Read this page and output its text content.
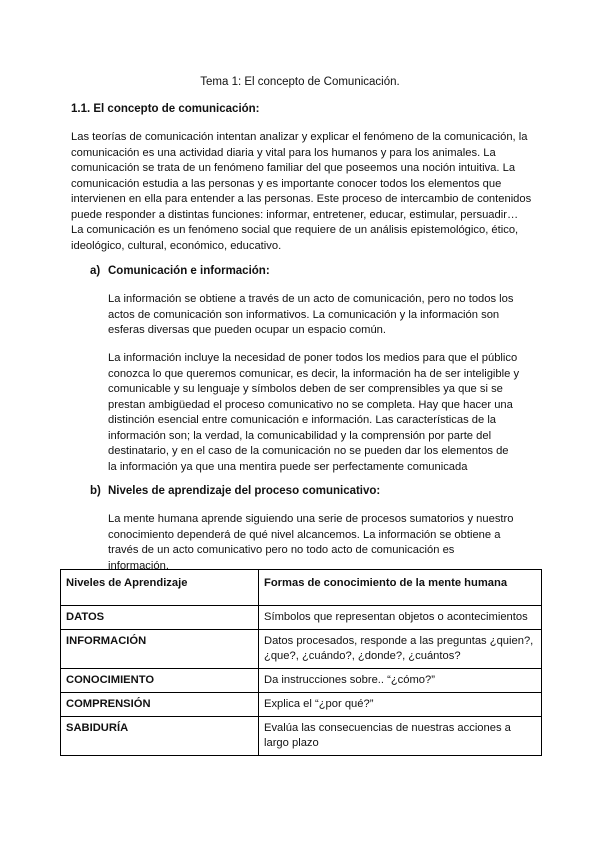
Tema 1: El concepto de Comunicación.
1.1. El concepto de comunicación:

Las teorías de comunicación intentan analizar y explicar el fenómeno de la comunicación, la comunicación es una actividad diaria y vital para los humanos y para los animales. La comunicación se trata de un fenómeno familiar del que poseemos una noción intuitiva. La comunicación estudia a las personas y es importante conocer todos los elementos que intervienen en ella para entender a las personas. Este proceso de intercambio de contenidos puede responder a distintas funciones: informar, entretener, educar, estimular, persuadir… La comunicación es un fenómeno social que requiere de un análisis epistemológico, ético, ideológico, cultural, económico, educativo.

a) Comunicación e información:

La información se obtiene a través de un acto de comunicación, pero no todos los actos de comunicación son informativos. La comunicación y la información son esferas diversas que pueden ocupar un espacio común.

La información incluye la necesidad de poner todos los medios para que el público conozca lo que queremos comunicar, es decir, la información ha de ser inteligible y comunicable y su lenguaje y símbolos deben de ser comprensibles ya que si se prestan ambigüedad el proceso comunicativo no se completa. Hay que hacer una distinción esencial entre comunicación e información. Las características de la información son; la verdad, la comunicabilidad y la comprensión por parte del destinatario, y en el caso de la comunicación no se pueden dar los elementos de la información ya que una mentira puede ser perfectamente comunicada

b) Niveles de aprendizaje del proceso comunicativo:

La mente humana aprende siguiendo una serie de procesos sumatorios y nuestro conocimiento dependerá de qué nivel alcancemos. La información se obtiene a través de un acto comunicativo pero no todo acto de comunicación es información.

Niveles de Aprendizaje	Formas de conocimiento de la mente humana
DATOS	Símbolos que representan objetos o acontecimientos
INFORMACIÓN	Datos procesados, responde a las preguntas ¿quien?, ¿que?, ¿cuándo?, ¿donde?, ¿cuántos?
CONOCIMIENTO	Da instrucciones sobre.. “¿cómo?”
COMPRENSIÓN	Explica el “¿por qué?”
SABIDURÍA	Evalúa las consecuencias de nuestras acciones a largo plazo
